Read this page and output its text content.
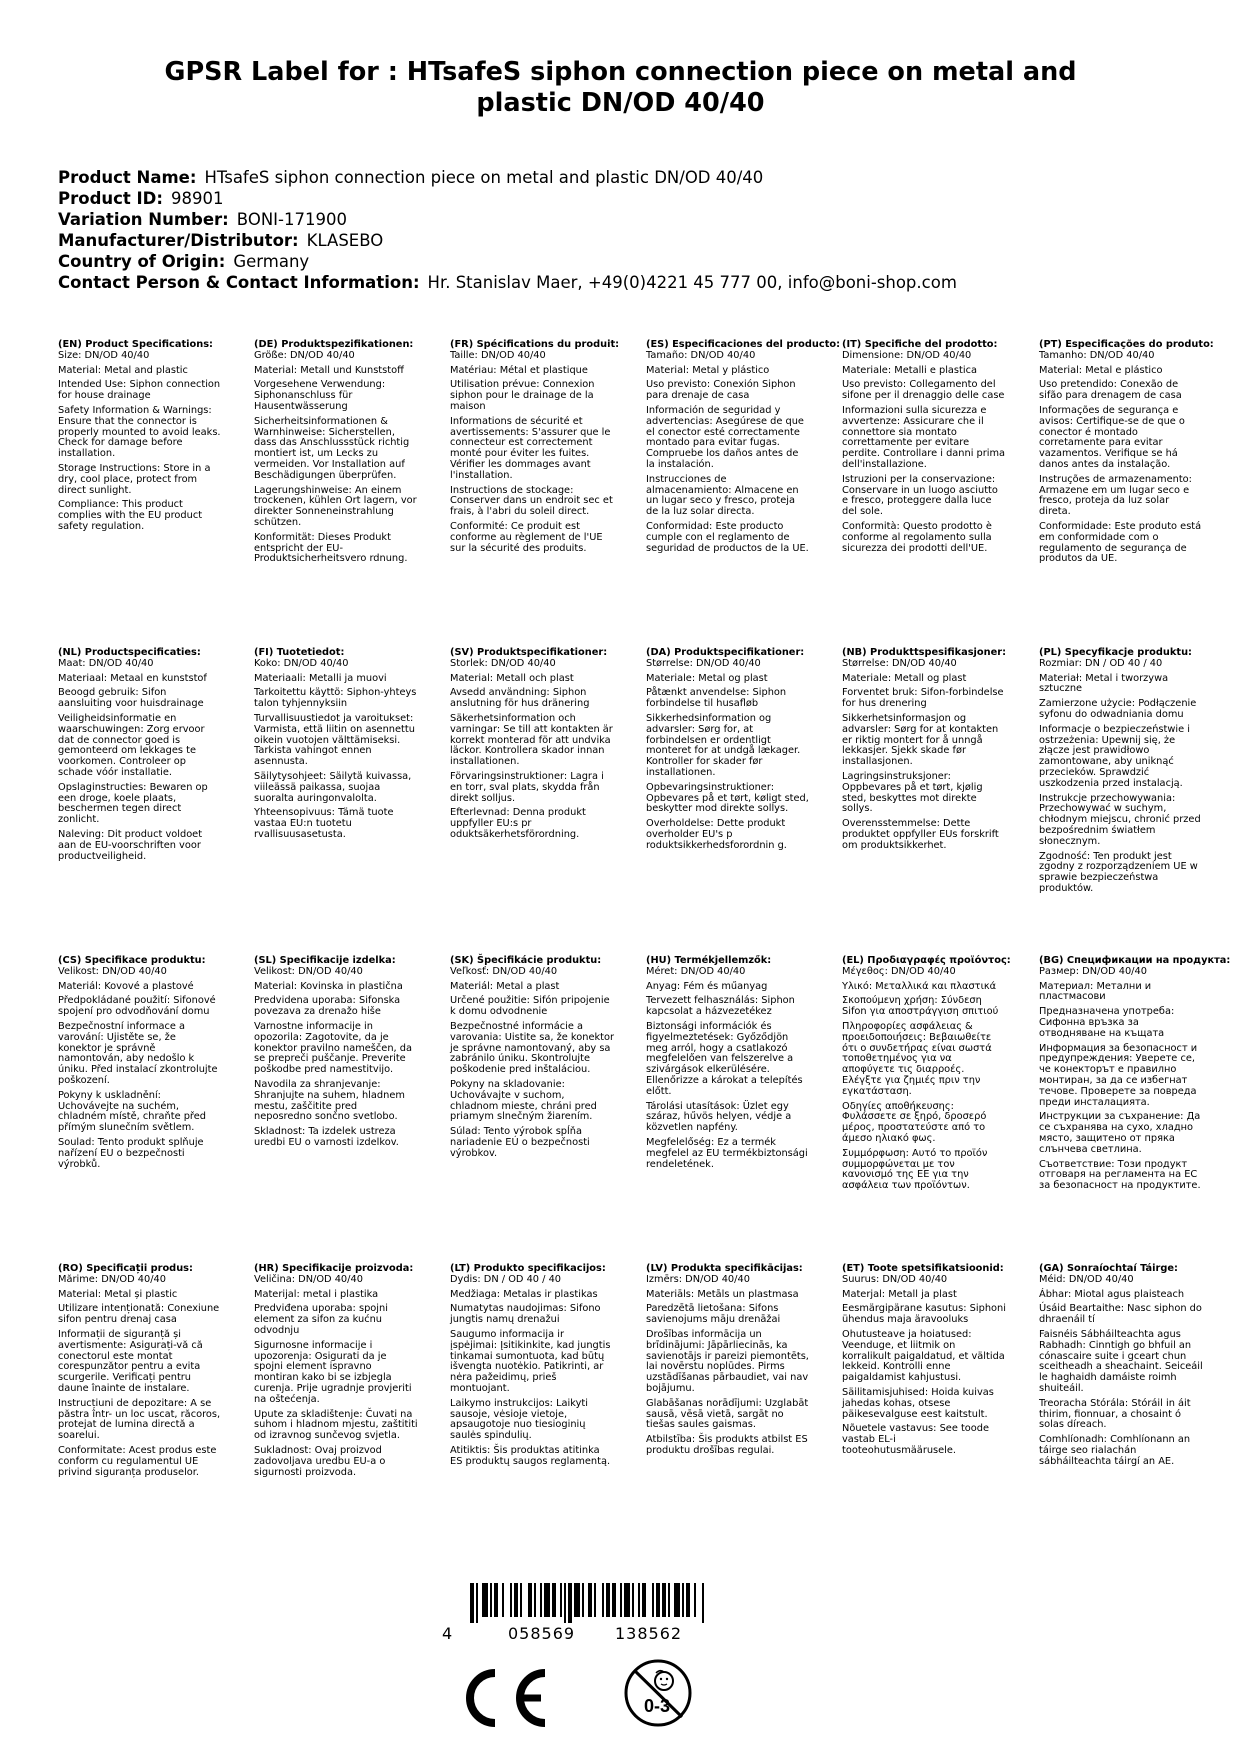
GPSR Label for : HTsafeS siphon connection piece on metal and plastic DN/OD 40/40
Product Name: HTsafeS siphon connection piece on metal and plastic DN/OD 40/40
Product ID: 98901
Variation Number: BONI-171900
Manufacturer/Distributor: KLASEBO
Country of Origin: Germany
Contact Person & Contact Information: Hr. Stanislav Maer, +49(0)4221 45 777 00, info@boni-shop.com
(EN) Product Specifications:
Size: DN/OD 40/40
Material: Metal and plastic
Intended Use: Siphon connection for house drainage
Safety Information & Warnings: Ensure that the connector is properly mounted to avoid leaks. Check for damage before installation.
Storage Instructions: Store in a dry, cool place, protect from direct sunlight.
Compliance: This product complies with the EU product safety regulation.
(DE) Produktspezifikationen:
Größe: DN/OD 40/40
Material: Metall und Kunststoff
Vorgesehene Verwendung: Siphonanschluss für Hausentwässerung
Sicherheitsinformationen & Warnhinweise: Sicherstellen, dass das Anschlussstück richtig montiert ist, um Lecks zu vermeiden. Vor Installation auf Beschädigungen überprüfen.
Lagerungshinweise: An einem trockenen, kühlen Ort lagern, vor direkter Sonneneinstrahlung schützen.
Konformität: Dieses Produkt entspricht der EU-Produktsicherheitsvero rdnung.
(FR) Spécifications du produit:
Taille: DN/OD 40/40
Matériau: Métal et plastique
Utilisation prévue: Connexion siphon pour le drainage de la maison
Informations de sécurité et avertissements: S'assurer que le connecteur est correctement monté pour éviter les fuites. Vérifier les dommages avant l'installation.
Instructions de stockage: Conserver dans un endroit sec et frais, à l'abri du soleil direct.
Conformité: Ce produit est conforme au règlement de l'UE sur la sécurité des produits.
(ES) Especificaciones del producto:
Tamaño: DN/OD 40/40
Material: Metal y plástico
Uso previsto: Conexión Siphon para drenaje de casa
Información de seguridad y advertencias: Asegúrese de que el conector esté correctamente montado para evitar fugas. Compruebe los daños antes de la instalación.
Instrucciones de almacenamiento: Almacene en un lugar seco y fresco, proteja de la luz solar directa.
Conformidad: Este producto cumple con el reglamento de seguridad de productos de la UE.
(IT) Specifiche del prodotto:
Dimensione: DN/OD 40/40
Materiale: Metalli e plastica
Uso previsto: Collegamento del sifone per il drenaggio delle case
Informazioni sulla sicurezza e avvertenze: Assicurare che il connettore sia montato correttamente per evitare perdite. Controllare i danni prima dell'installazione.
Istruzioni per la conservazione: Conservare in un luogo asciutto e fresco, proteggere dalla luce del sole.
Conformità: Questo prodotto è conforme al regolamento sulla sicurezza dei prodotti dell'UE.
(PT) Especificações do produto:
Tamanho: DN/OD 40/40
Material: Metal e plástico
Uso pretendido: Conexão de sifão para drenagem de casa
Informações de segurança e avisos: Certifique-se de que o conector é montado corretamente para evitar vazamentos. Verifique se há danos antes da instalação.
Instruções de armazenamento: Armazene em um lugar seco e fresco, proteja da luz solar direta.
Conformidade: Este produto está em conformidade com o regulamento de segurança de produtos da UE.
(NL) Productspecificaties:
Maat: DN/OD 40/40
Materiaal: Metaal en kunststof
Beoogd gebruik: Sifon aansluiting voor huisdrainage
Veiligheidsinformatie en waarschuwingen: Zorg ervoor dat de connector goed is gemonteerd om lekkages te voorkomen. Controleer op schade vóór installatie.
Opslaginstructies: Bewaren op een droge, koele plaats, beschermen tegen direct zonlicht.
Naleving: Dit product voldoet aan de EU-voorschriften voor productveiligheid.
(FI) Tuotetiedot:
Koko: DN/OD 40/40
Materiaali: Metalli ja muovi
Tarkoitettu käyttö: Siphon-yhteys talon tyhjennyksiin
Turvallisuustiedot ja varoitukset: Varmista, että liitin on asennettu oikein vuotojen välttämiseksi. Tarkista vahingot ennen asennusta.
Säilytysohjeet: Säilytä kuivassa, viileässä paikassa, suojaa suoralta auringonvalolta.
Yhteensopivuus: Tämä tuote vastaa EU:n tuotetu rvallisuusasetusta.
(SV) Produktspecifikationer:
Storlek: DN/OD 40/40
Material: Metall och plast
Avsedd användning: Siphon anslutning för hus dränering
Säkerhetsinformation och varningar: Se till att kontakten är korrekt monterad för att undvika läckor. Kontrollera skador innan installationen.
Förvaringsinstruktioner: Lagra i en torr, sval plats, skydda från direkt solljus.
Efterlevnad: Denna produkt uppfyller EU:s pr oduktsäkerhetsförordning.
(DA) Produktspecifikationer:
Størrelse: DN/OD 40/40
Materiale: Metal og plast
Påtænkt anvendelse: Siphon forbindelse til husafløb
Sikkerhedsinformation og advarsler: Sørg for, at forbindelsen er ordentligt monteret for at undgå lækager. Kontroller for skader før installationen.
Opbevaringsinstruktioner: Opbevares på et tørt, køligt sted, beskytter mod direkte sollys.
Overholdelse: Dette produkt overholder EU's p roduktsikkerhedsforordnin g.
(NB) Produkttspesifikasjoner:
Størrelse: DN/OD 40/40
Materiale: Metall og plast
Forventet bruk: Sifon-forbindelse for hus drenering
Sikkerhetsinformasjon og advarsler: Sørg for at kontakten er riktig montert for å unngå lekkasjer. Sjekk skade før installasjonen.
Lagringsinstruksjoner: Oppbevares på et tørt, kjølig sted, beskyttes mot direkte sollys.
Overensstemmelse: Dette produktet oppfyller EUs forskrift om produktsikkerhet.
(PL) Specyfikacje produktu:
Rozmiar: DN / OD 40 / 40
Materiał: Metal i tworzywa sztuczne
Zamierzone użycie: Podłączenie syfonu do odwadniania domu
Informacje o bezpieczeństwie i ostrzeżenia: Upewnij się, że złącze jest prawidłowo zamontowane, aby uniknąć przecieków. Sprawdzić uszkodzenia przed instalacją.
Instrukcje przechowywania: Przechowywać w suchym, chłodnym miejscu, chronić przed bezpośrednim światłem słonecznym.
Zgodność: Ten produkt jest zgodny z rozporządzeniem UE w sprawie bezpieczeństwa produktów.
(CS) Specifikace produktu:
Velikost: DN/OD 40/40
Materiál: Kovové a plastové
Předpokládané použití: Sifonové spojení pro odvodňování domu
Bezpečnostní informace a varování: Ujistěte se, že konektor je správně namontován, aby nedošlo k úniku. Před instalací zkontrolujte poškození.
Pokyny k uskladnění: Uchovávejte na suchém, chladném místě, chraňte před přímým slunečním světlem.
Soulad: Tento produkt splňuje nařízení EU o bezpečnosti výrobků.
(SL) Specifikacije izdelka:
Velikost: DN/OD 40/40
Material: Kovinska in plastična
Predvidena uporaba: Sifonska povezava za drenažo hiše
Varnostne informacije in opozorila: Zagotovite, da je konektor pravilno nameščen, da se prepreči puščanje. Preverite poškodbe pred namestitvijo.
Navodila za shranjevanje: Shranjujte na suhem, hladnem mestu, zaščitite pred neposredno sončno svetlobo.
Skladnost: Ta izdelek ustreza uredbi EU o varnosti izdelkov.
(SK) Špecifikácie produktu:
Veľkosť: DN/OD 40/40
Materiál: Metal a plast
Určené použitie: Sifón pripojenie k domu odvodnenie
Bezpečnostné informácie a varovania: Uistite sa, že konektor je správne namontovaný, aby sa zabránilo úniku. Skontrolujte poškodenie pred inštaláciou.
Pokyny na skladovanie: Uchovávajte v suchom, chladnom mieste, chráni pred priamym slnečným žiarením.
Súlad: Tento výrobok spĺňa nariadenie EÚ o bezpečnosti výrobkov.
(HU) Termékjellemzők:
Méret: DN/OD 40/40
Anyag: Fém és műanyag
Tervezett felhasználás: Siphon kapcsolat a házvezetékez
Biztonsági információk és figyelmeztetések: Győződjön meg arról, hogy a csatlakozó megfelelően van felszerelve a szivárgások elkerülésére. Ellenőrizze a károkat a telepítés előtt.
Tárolási utasítások: Üzlet egy száraz, hűvös helyen, védje a közvetlen napfény.
Megfelelőség: Ez a termék megfelel az EU termékbiztonsági rendeletének.
(EL) Προδιαγραφές προϊόντος:
Μέγεθος: DN/OD 40/40
Υλικό: Μεταλλικά και πλαστικά
Σκοπούμενη χρήση: Σύνδεση Sifon για αποστράγγιση σπιτιού
Πληροφορίες ασφάλειας & προειδοποιήσεις: Βεβαιωθείτε ότι ο συνδετήρας είναι σωστά τοποθετημένος για να αποφύγετε τις διαρροές. Ελέγξτε για ζημιές πριν την εγκατάσταση.
Οδηγίες αποθήκευσης: Φυλάσσετε σε ξηρό, δροσερό μέρος, προστατεύστε από το άμεσο ηλιακό φως.
Συμμόρφωση: Αυτό το προϊόν συμμορφώνεται με τον κανονισμό της ΕΕ για την ασφάλεια των προϊόντων.
(BG) Спецификации на продукта:
Размер: DN/OD 40/40
Материал: Метални и пластмасови
Предназначена употреба: Сифонна връзка за отводняване на къщата
Информация за безопасност и предупреждения: Уверете се, че конекторът е правилно монтиран, за да се избегнат течове. Проверете за повреда преди инсталацията.
Инструкции за съхранение: Да се съхранява на сухо, хладно място, защитено от пряка слънчева светлина.
Съответствие: Този продукт отговаря на регламента на ЕС за безопасност на продуктите.
(RO) Specificații produs:
Mărime: DN/OD 40/40
Material: Metal și plastic
Utilizare intenționată: Conexiune sifon pentru drenaj casa
Informații de siguranță și avertismente: Asigurați-vă că conectorul este montat corespunzător pentru a evita scurgerile. Verificați pentru daune înainte de instalare.
Instrucțiuni de depozitare: A se păstra într- un loc uscat, răcoros, protejat de lumina directă a soarelui.
Conformitate: Acest produs este conform cu regulamentul UE privind siguranța produselor.
(HR) Specifikacije proizvoda:
Veličina: DN/OD 40/40
Materijal: metal i plastika
Predviđena uporaba: spojni element za sifon za kućnu odvodnju
Sigurnosne informacije i upozorenja: Osigurati da je spojni element ispravno montiran kako bi se izbjegla curenja. Prije ugradnje provjeriti na oštećenja.
Upute za skladištenje: Čuvati na suhom i hladnom mjestu, zaštititi od izravnog sunčevog svjetla.
Sukladnost: Ovaj proizvod zadovoljava uredbu EU-a o sigurnosti proizvoda.
(LT) Produkto specifikacijos:
Dydis: DN / OD 40 / 40
Medžiaga: Metalas ir plastikas
Numatytas naudojimas: Sifono jungtis namų drenažui
Saugumo informacija ir įspėjimai: Įsitikinkite, kad jungtis tinkamai sumontuota, kad būtų išvengta nuotėkio. Patikrinti, ar nėra pažeidimų, prieš montuojant.
Laikymo instrukcijos: Laikyti sausoje, vėsioje vietoje, apsaugotoje nuo tiesioginių saulės spindulių.
Atitiktis: Šis produktas atitinka ES produktų saugos reglamentą.
(LV) Produkta specifikācijas:
Izmērs: DN/OD 40/40
Materiāls: Metāls un plastmasa
Paredzētā lietošana: Sifons savienojums māju drenāžai
Drošības informācija un brīdinājumi: Jāpārliecinās, ka savienotājs ir pareizi piemontēts, lai novērstu noplūdes. Pirms uzstādīšanas pārbaudiet, vai nav bojājumu.
Glabāšanas norādījumi: Uzglabāt sausā, vēsā vietā, sargāt no tiešas saules gaismas.
Atbilstība: Šis produkts atbilst ES produktu drošības regulai.
(ET) Toote spetsifikatsioonid:
Suurus: DN/OD 40/40
Materjal: Metall ja plast
Eesmärgipärane kasutus: Siphoni ühendus maja äravooluks
Ohutusteave ja hoiatused: Veenduge, et liitmik on korralikult paigaldatud, et vältida lekkeid. Kontrolli enne paigaldamist kahjustusi.
Säilitamisjuhised: Hoida kuivas jahedas kohas, otsese päikesevalguse eest kaitstult.
Nõuetele vastavus: See toode vastab EL-i tooteohutusmäärusele.
(GA) Sonraíochtaí Táirge:
Méid: DN/OD 40/40
Ábhar: Miotal agus plaisteach
Úsáid Beartaithe: Nasc siphon do dhraenáil tí
Faisnéis Sábháilteachta agus Rabhadh: Cinntigh go bhfuil an cónascaire suite i gceart chun sceitheadh a sheachaint. Seiceáil le haghaidh damáiste roimh shuiteáil.
Treoracha Stórála: Stóráil in áit thirim, fionnuar, a chosaint ó solas díreach.
Comhlíonadh: Comhlíonann an táirge seo rialachán sábháilteachta táirgí an AE.
4	058569 138562
0-3
